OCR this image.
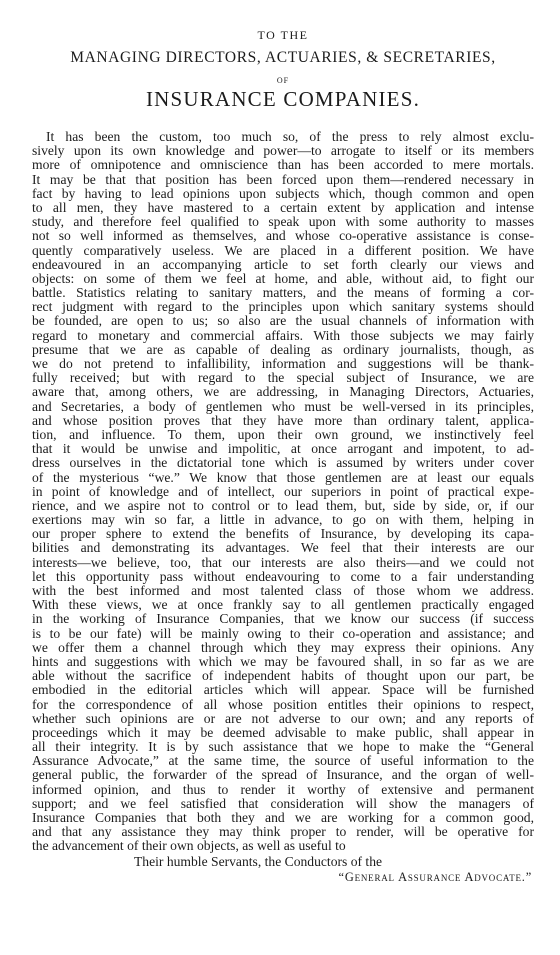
TO THE
MANAGING DIRECTORS, ACTUARIES, & SECRETARIES,
OF
INSURANCE COMPANIES.
It has been the custom, too much so, of the press to rely almost exclu-
sively upon its own knowledge and power—to arrogate to itself or its members
more of omnipotence and omniscience than has been accorded to mere mortals.
It may be that that position has been forced upon them—rendered necessary in
fact by having to lead opinions upon subjects which, though common and open
to all men, they have mastered to a certain extent by application and intense
study, and therefore feel qualified to speak upon with some authority to masses
not so well informed as themselves, and whose co-operative assistance is conse-
quently comparatively useless. We are placed in a different position. We have
endeavoured in an accompanying article to set forth clearly our views and
objects: on some of them we feel at home, and able, without aid, to fight our
battle. Statistics relating to sanitary matters, and the means of forming a cor-
rect judgment with regard to the principles upon which sanitary systems should
be founded, are open to us; so also are the usual channels of information with
regard to monetary and commercial affairs. With those subjects we may fairly
presume that we are as capable of dealing as ordinary journalists, though, as
we do not pretend to infallibility, information and suggestions will be thank-
fully received; but with regard to the special subject of Insurance, we are
aware that, among others, we are addressing, in Managing Directors, Actuaries,
and Secretaries, a body of gentlemen who must be well-versed in its principles,
and whose position proves that they have more than ordinary talent, applica-
tion, and influence. To them, upon their own ground, we instinctively feel
that it would be unwise and impolitic, at once arrogant and impotent, to ad-
dress ourselves in the dictatorial tone which is assumed by writers under cover
of the mysterious “we.” We know that those gentlemen are at least our equals
in point of knowledge and of intellect, our superiors in point of practical expe-
rience, and we aspire not to control or to lead them, but, side by side, or, if our
exertions may win so far, a little in advance, to go on with them, helping in
our proper sphere to extend the benefits of Insurance, by developing its capa-
bilities and demonstrating its advantages. We feel that their interests are our
interests—we believe, too, that our interests are also theirs—and we could not
let this opportunity pass without endeavouring to come to a fair understanding
with the best informed and most talented class of those whom we address.
With these views, we at once frankly say to all gentlemen practically engaged
in the working of Insurance Companies, that we know our success (if success
is to be our fate) will be mainly owing to their co-operation and assistance; and
we offer them a channel through which they may express their opinions. Any
hints and suggestions with which we may be favoured shall, in so far as we are
able without the sacrifice of independent habits of thought upon our part, be
embodied in the editorial articles which will appear. Space will be furnished
for the correspondence of all whose position entitles their opinions to respect,
whether such opinions are or are not adverse to our own; and any reports of
proceedings which it may be deemed advisable to make public, shall appear in
all their integrity. It is by such assistance that we hope to make the “General
Assurance Advocate,” at the same time, the source of useful information to the
general public, the forwarder of the spread of Insurance, and the organ of well-
informed opinion, and thus to render it worthy of extensive and permanent
support; and we feel satisfied that consideration will show the managers of
Insurance Companies that both they and we are working for a common good,
and that any assistance they may think proper to render, will be operative for
the advancement of their own objects, as well as useful to
Their humble Servants, the Conductors of the
“General Assurance Advocate.”
